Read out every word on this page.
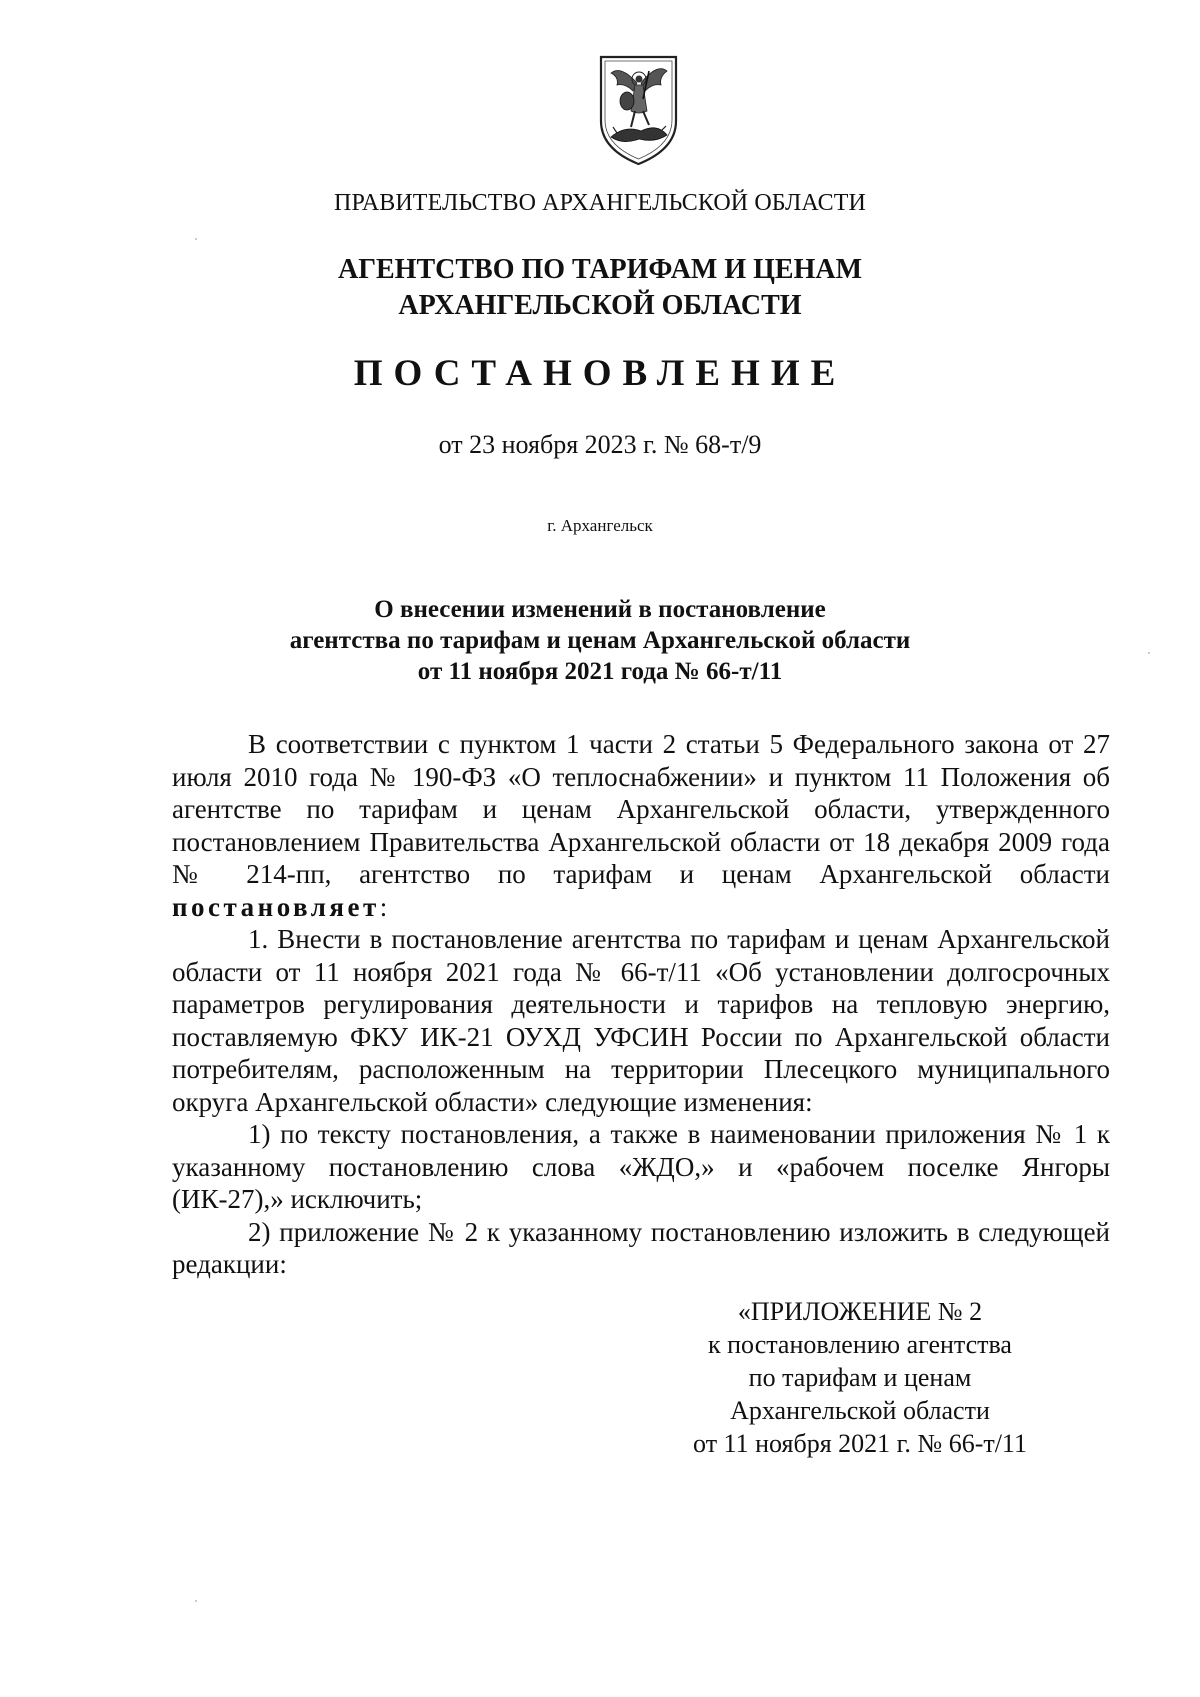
ПРАВИТЕЛЬСТВО АРХАНГЕЛЬСКОЙ ОБЛАСТИ
АГЕНТСТВО ПО ТАРИФАМ И ЦЕНАМ
АРХАНГЕЛЬСКОЙ ОБЛАСТИ
ПОСТАНОВЛЕНИЕ
от 23 ноября 2023 г. № 68-т/9
г. Архангельск
О внесении изменений в постановление
агентства по тарифам и ценам Архангельской области
от 11 ноября 2021 года № 66-т/11

В соответствии с пунктом 1 части 2 статьи 5 Федерального закона от 27 июля 2010 года № 190-ФЗ «О теплоснабжении» и пунктом 11 Положения об агентстве по тарифам и ценам Архангельской области, утвержденного постановлением Правительства Архангельской области от 18 декабря 2009 года № 214-пп, агентство по тарифам и ценам Архангельской области постановляет:

1. Внести в постановление агентства по тарифам и ценам Архангельской области от 11 ноября 2021 года № 66-т/11 «Об установлении долгосрочных параметров регулирования деятельности и тарифов на тепловую энергию, поставляемую ФКУ ИК-21 ОУХД УФСИН России по Архангельской области потребителям, расположенным на территории Плесецкого муниципального округа Архангельской области» следующие изменения:

1) по тексту постановления, а также в наименовании приложения № 1 к указанному постановлению слова «ЖДО,» и «рабочем поселке Янгоры (ИК-27),» исключить;

2) приложение № 2 к указанному постановлению изложить в следующей редакции:

«ПРИЛОЖЕНИЕ № 2
к постановлению агентства
по тарифам и ценам
Архангельской области
от 11 ноября 2021 г. № 66-т/11
